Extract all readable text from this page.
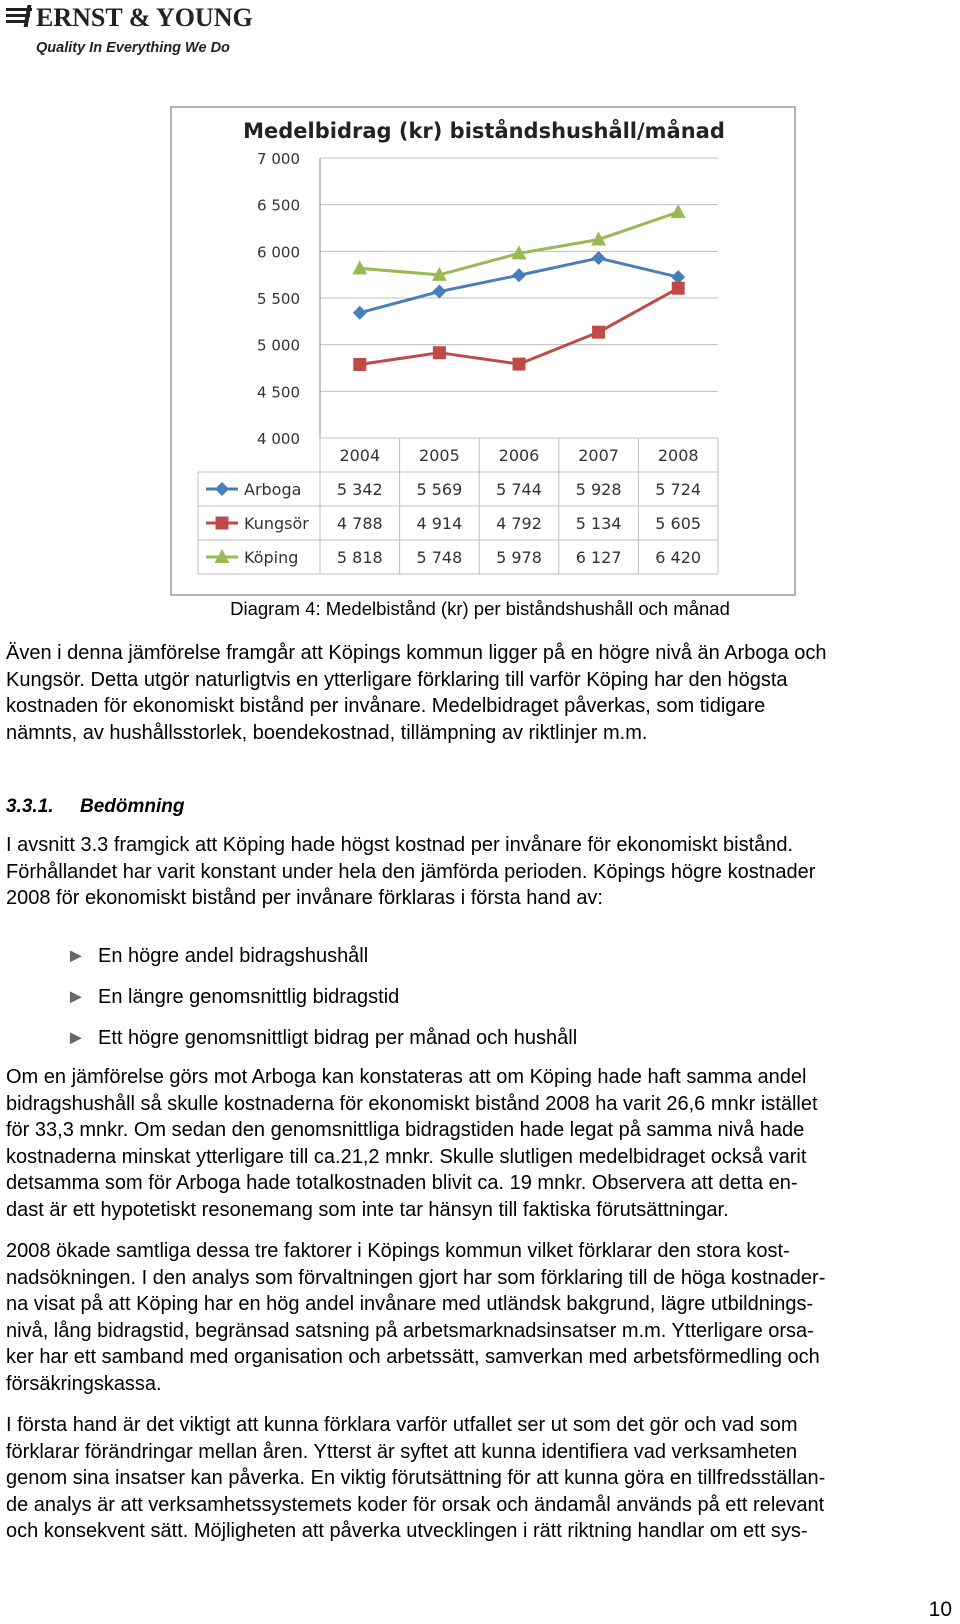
ERNST & YOUNG
Quality In Everything We Do
Medelbidrag (kr) biståndshushåll/månad
7 000
6 500
6 000
5 500
5 000
4 500
4 000
2004 2005 2006 2007 2008
Arboga 5 342 5 569 5 744 5 928 5 724
Kungsör 4 788 4 914 4 792 5 134 5 605
Köping 5 818 5 748 5 978 6 127 6 420
Diagram 4: Medelbistånd (kr) per biståndshushåll och månad

Även i denna jämförelse framgår att Köpings kommun ligger på en högre nivå än Arboga och
Kungsör. Detta utgör naturligtvis en ytterligare förklaring till varför Köping har den högsta
kostnaden för ekonomiskt bistånd per invånare. Medelbidraget påverkas, som tidigare
nämnts, av hushållsstorlek, boendekostnad, tillämpning av riktlinjer m.m.

3.3.1. Bedömning

I avsnitt 3.3 framgick att Köping hade högst kostnad per invånare för ekonomiskt bistånd.
Förhållandet har varit konstant under hela den jämförda perioden. Köpings högre kostnader
2008 för ekonomiskt bistånd per invånare förklaras i första hand av:

► En högre andel bidragshushåll
► En längre genomsnittlig bidragstid
► Ett högre genomsnittligt bidrag per månad och hushåll

Om en jämförelse görs mot Arboga kan konstateras att om Köping hade haft samma andel
bidragshushåll så skulle kostnaderna för ekonomiskt bistånd 2008 ha varit 26,6 mnkr istället
för 33,3 mnkr. Om sedan den genomsnittliga bidragstiden hade legat på samma nivå hade
kostnaderna minskat ytterligare till ca.21,2 mnkr. Skulle slutligen medelbidraget också varit
detsamma som för Arboga hade totalkostnaden blivit ca. 19 mnkr. Observera att detta en-
dast är ett hypotetiskt resonemang som inte tar hänsyn till faktiska förutsättningar.

2008 ökade samtliga dessa tre faktorer i Köpings kommun vilket förklarar den stora kost-
nadsökningen. I den analys som förvaltningen gjort har som förklaring till de höga kostnader-
na visat på att Köping har en hög andel invånare med utländsk bakgrund, lägre utbildnings-
nivå, lång bidragstid, begränsad satsning på arbetsmarknadsinsatser m.m. Ytterligare orsa-
ker har ett samband med organisation och arbetssätt, samverkan med arbetsförmedling och
försäkringskassa.

I första hand är det viktigt att kunna förklara varför utfallet ser ut som det gör och vad som
förklarar förändringar mellan åren. Ytterst är syftet att kunna identifiera vad verksamheten
genom sina insatser kan påverka. En viktig förutsättning för att kunna göra en tillfredsställan-
de analys är att verksamhetssystemets koder för orsak och ändamål används på ett relevant
och konsekvent sätt. Möjligheten att påverka utvecklingen i rätt riktning handlar om ett sys-

10
